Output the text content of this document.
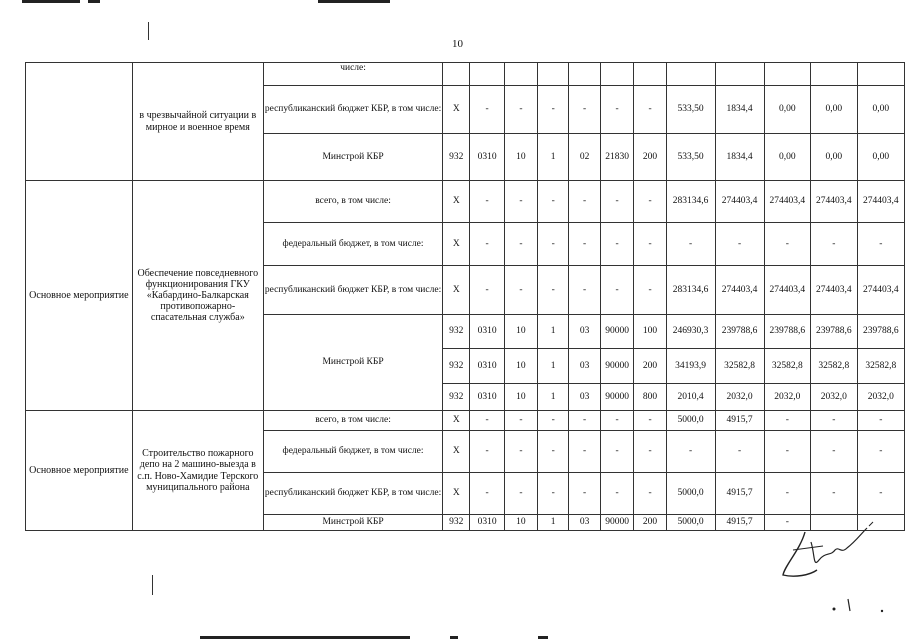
10
	в чрезвычайной ситуации в мирное и военное время	числе:												
		республиканский бюджет КБР, в том числе:	Х	-	-	-	-	-	-	533,50	1834,4	0,00	0,00	0,00
		Минстрой КБР	932	0310	10	1	02	21830	200	533,50	1834,4	0,00	0,00	0,00
Основное мероприятие	Обеспечение повседневного функционирования ГКУ «Кабардино-Балкарская противопожарно-спасательная служба»	всего, в том числе:	Х	-	-	-	-	-	-	283134,6	274403,4	274403,4	274403,4	274403,4
		федеральный бюджет, в том числе:	Х	-	-	-	-	-	-	-	-	-	-	-
		республиканский бюджет КБР, в том числе:	Х	-	-	-	-	-	-	283134,6	274403,4	274403,4	274403,4	274403,4
		Минстрой КБР	932	0310	10	1	03	90000	100	246930,3	239788,6	239788,6	239788,6	239788,6
			932	0310	10	1	03	90000	200	34193,9	32582,8	32582,8	32582,8	32582,8
			932	0310	10	1	03	90000	800	2010,4	2032,0	2032,0	2032,0	2032,0
Основное мероприятие	Строительство пожарного депо на 2 машино-выезда в с.п. Ново-Хамидие Терского муниципального района	всего, в том числе:	Х	-	-	-	-	-	-	5000,0	4915,7	-	-	-
		федеральный бюджет, в том числе:	Х	-	-	-	-	-	-	-	-	-	-	-
		республиканский бюджет КБР, в том числе:	Х	-	-	-	-	-	-	5000,0	4915,7	-	-	-
		Минстрой КБР	932	0310	10	1	03	90000	200	5000,0	4915,7	-		
